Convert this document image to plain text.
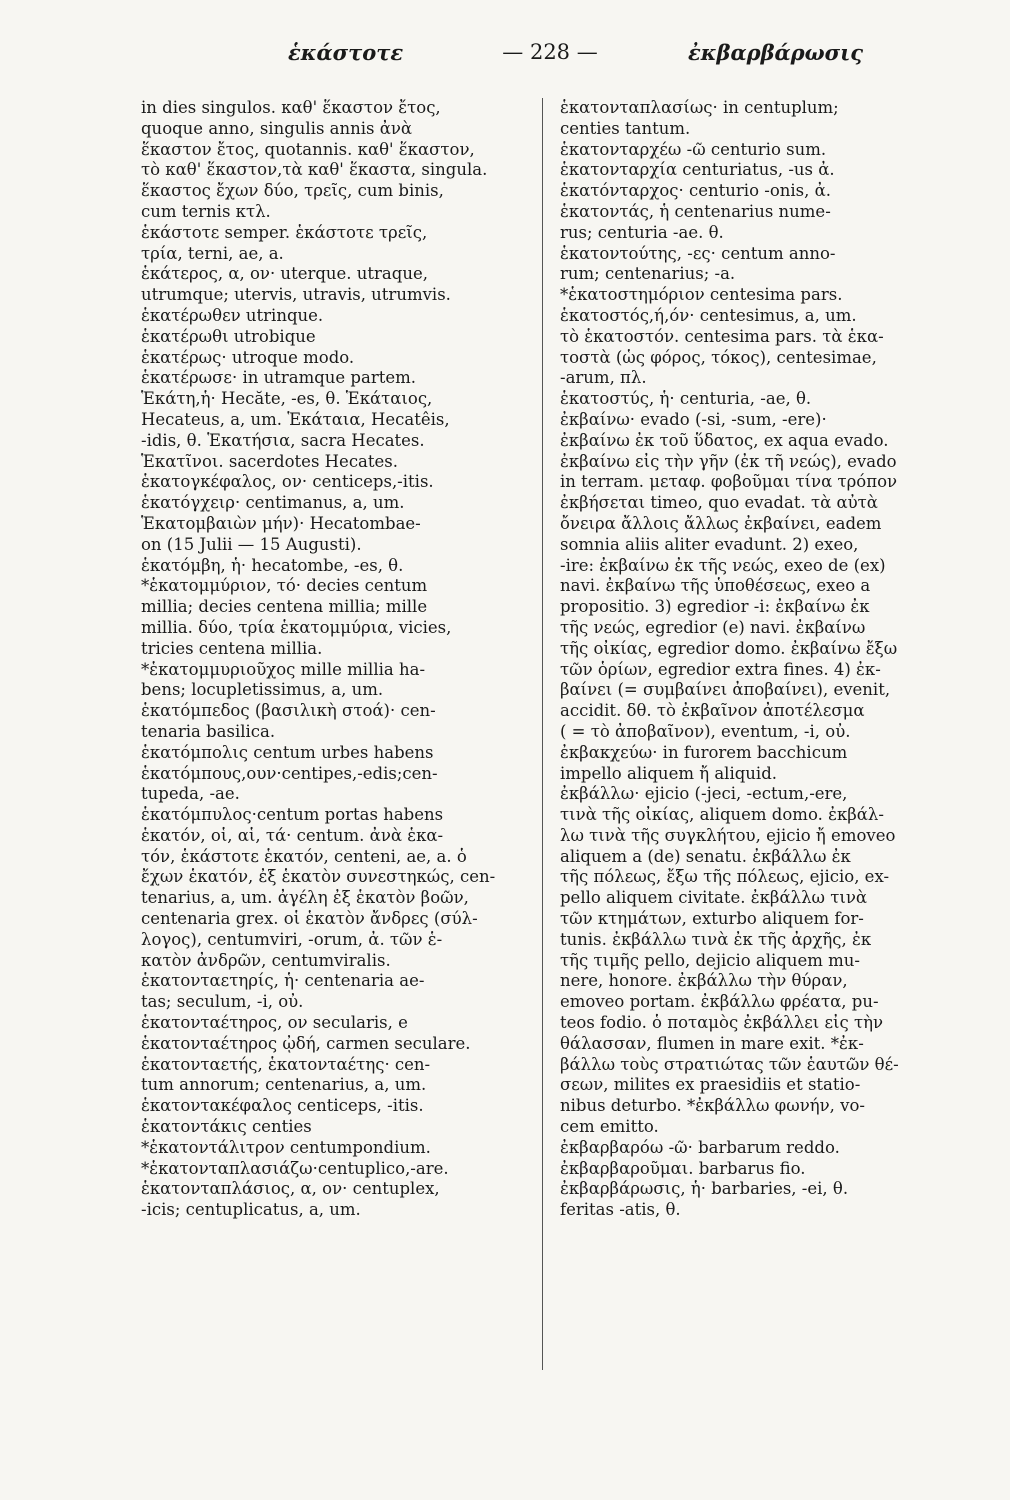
ἑκάστοτε	— 228 —	ἐκβαρβάρωσις
in dies singulos. καθ' ἕκαστον ἔτος,
quoque anno, singulis annis ἀνὰ
ἕκαστον ἔτος, quotannis. καθ' ἕκαστον,
τὸ καθ' ἕκαστον,τὰ καθ' ἕκαστα, singula.
ἕκαστος ἔχων δύο, τρεῖς, cum binis,
cum ternis κτλ.
ἑκάστοτε semper. ἑκάστοτε τρεῖς,
τρία, terni, ae, a.
ἑκάτερος, α, ον· uterque. utraque,
utrumque; utervis, utravis, utrumvis.
ἑκατέρωθεν utrinque.
ἑκατέρωθι utrobique
ἑκατέρως· utroque modo.
ἑκατέρωσε· in utramque partem.
Ἑκάτη,ἡ· Hecăte, -es, θ. Ἑκάταιος,
Hecateus, a, um. Ἑκάταια, Hecatêis,
-idis, θ. Ἑκατήσια, sacra Hecates.
Ἑκατῖνοι. sacerdotes Hecates.
ἑκατογκέφαλος, ον· centiceps,-itis.
ἑκατόγχειρ· centimanus, a, um.
Ἑκατομβαιὼν μήν)· Hecatombae-
on (15 Julii — 15 Augusti).
ἑκατόμβη, ἡ· hecatombe, -es, θ.
*ἑκατομμύριον, τό· decies centum
millia; decies centena millia; mille
millia. δύο, τρία ἑκατομμύρια, vicies,
tricies centena millia.
*ἑκατομμυριοῦχος mille millia ha-
bens; locupletissimus, a, um.
ἑκατόμπεδος (βασιλικὴ στοά)· cen-
tenaria basilica.
ἑκατόμπολις centum urbes habens
ἑκατόμπους,ουν·centipes,-edis;cen-
tupeda, -ae.
ἑκατόμπυλος·centum portas habens
ἑκατόν, οἱ, αἱ, τά· centum. ἀνὰ ἑκα-
τόν, ἑκάστοτε ἑκατόν, centeni, ae, a. ὁ
ἔχων ἑκατόν, ἐξ ἑκατὸν συνεστηκώς, cen-
tenarius, a, um. ἀγέλη ἐξ ἑκατὸν βοῶν,
centenaria grex. οἱ ἑκατὸν ἄνδρες (σύλ-
λογος), centumviri, -orum, ἀ. τῶν ἑ-
κατὸν ἀνδρῶν, centumviralis.
ἑκατονταετηρίς, ἡ· centenaria ae-
tas; seculum, -i, οὐ.
ἑκατονταέτηρος, ον secularis, e
ἑκατονταέτηρος ᾠδή, carmen seculare.
ἑκατονταετής, ἑκατονταέτης· cen-
tum annorum; centenarius, a, um.
ἑκατοντακέφαλος centiceps, -itis.
ἑκατοντάκις centies
*ἑκατοντάλιτρον centumpondium.
*ἑκατονταπλασιάζω·centuplico,-are.
ἑκατονταπλάσιος, α, ον· centuplex,
-icis; centuplicatus, a, um.
ἑκατονταπλασίως· in centuplum;
centies tantum.
ἑκατονταρχέω -ῶ centurio sum.
ἑκατονταρχία centuriatus, -us ἀ.
ἑκατόνταρχος· centurio -onis, ἀ.
ἑκατοντάς, ἡ centenarius nume-
rus; centuria -ae. θ.
ἑκατοντούτης, -ες· centum anno-
rum; centenarius; -a.
*ἑκατοστημόριον centesima pars.
ἑκατοστός,ή,όν· centesimus, a, um.
τὸ ἑκατοστόν. centesima pars. τὰ ἑκα-
τοστὰ (ὡς φόρος, τόκος), centesimae,
-arum, πλ.
ἑκατοστύς, ἡ· centuria, -ae, θ.
ἐκβαίνω· evado (-si, -sum, -ere)·
ἐκβαίνω ἐκ τοῦ ὕδατος, ex aqua evado.
ἐκβαίνω εἰς τὴν γῆν (ἐκ τῆ νεώς), evado
in terram. μεταφ. φοβοῦμαι τίνα τρόπον
ἐκβήσεται timeo, quo evadat. τὰ αὐτὰ
ὄνειρα ἄλλοις ἄλλως ἐκβαίνει, eadem
somnia aliis aliter evadunt. 2) exeo,
-ire: ἐκβαίνω ἐκ τῆς νεώς, exeo de (ex)
navi. ἐκβαίνω τῆς ὑποθέσεως, exeo a
propositio. 3) egredior -i: ἐκβαίνω ἐκ
τῆς νεώς, egredior (e) navi. ἐκβαίνω
τῆς οἰκίας, egredior domo. ἐκβαίνω ἔξω
τῶν ὁρίων, egredior extra fines. 4) ἐκ-
βαίνει (= συμβαίνει ἀποβαίνει), evenit,
accidit. δθ. τὸ ἐκβαῖνον ἀποτέλεσμα
( = τὸ ἀποβαῖνον), eventum, -i, οὐ.
ἐκβακχεύω· in furorem bacchicum
impello aliquem ἤ aliquid.
ἐκβάλλω· ejicio (-jeci, -ectum,-ere,
τινὰ τῆς οἰκίας, aliquem domo. ἐκβάλ-
λω τινὰ τῆς συγκλήτου, ejicio ἤ emoveo
aliquem a (de) senatu. ἐκβάλλω ἐκ
τῆς πόλεως, ἔξω τῆς πόλεως, ejicio, ex-
pello aliquem civitate. ἐκβάλλω τινὰ
τῶν κτημάτων, exturbo aliquem for-
tunis. ἐκβάλλω τινὰ ἐκ τῆς ἀρχῆς, ἐκ
τῆς τιμῆς pello, dejicio aliquem mu-
nere, honore. ἐκβάλλω τὴν θύραν,
emoveo portam. ἐκβάλλω φρέατα, pu-
teos fodio. ὁ ποταμὸς ἐκβάλλει εἰς τὴν
θάλασσαν, flumen in mare exit. *ἐκ-
βάλλω τοὺς στρατιώτας τῶν ἑαυτῶν θέ-
σεων, milites ex praesidiis et statio-
nibus deturbo. *ἐκβάλλω φωνήν, vo-
cem emitto.
ἐκβαρβαρόω -ῶ· barbarum reddo.
ἐκβαρβαροῦμαι. barbarus fio.
ἐκβαρβάρωσις, ἡ· barbaries, -ei, θ.
feritas -atis, θ.
